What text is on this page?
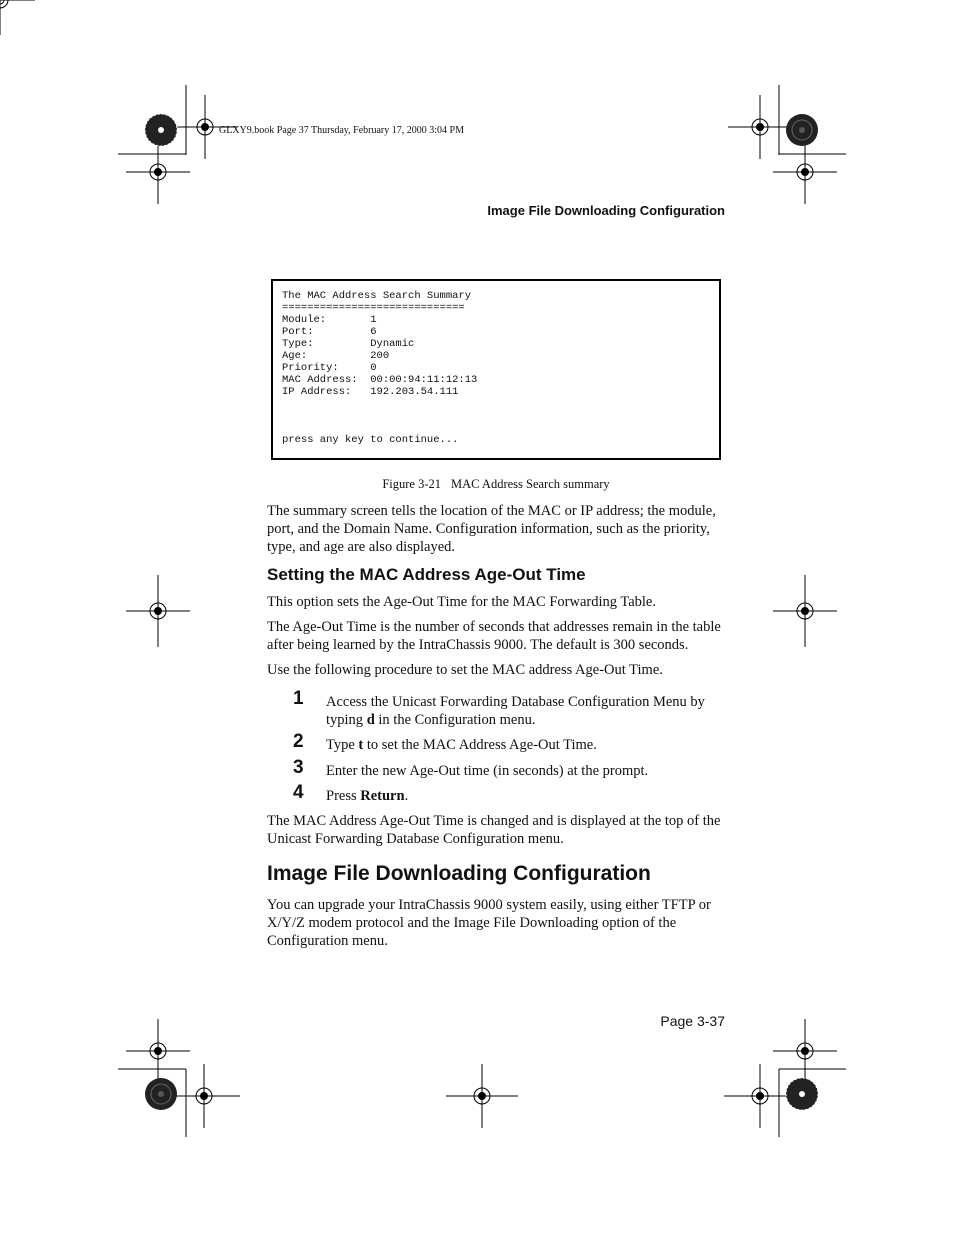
GLXY9.book Page 37 Thursday, February 17, 2000 3:04 PM
Image File Downloading Configuration
The MAC Address Search Summary
=============================
Module:       1
Port:         6
Type:         Dynamic
Age:          200
Priority:     0
MAC Address:  00:00:94:11:12:13
IP Address:   192.203.54.111

press any key to continue...
Figure 3-21 MAC Address Search summary
The summary screen tells the location of the MAC or IP address; the module, port, and the Domain Name. Configuration information, such as the priority, type, and age are also displayed.
Setting the MAC Address Age-Out Time
This option sets the Age-Out Time for the MAC Forwarding Table.
The Age-Out Time is the number of seconds that addresses remain in the table after being learned by the IntraChassis 9000. The default is 300 seconds.
Use the following procedure to set the MAC address Age-Out Time.
1 Access the Unicast Forwarding Database Configuration Menu by typing d in the Configuration menu.
2 Type t to set the MAC Address Age-Out Time.
3 Enter the new Age-Out time (in seconds) at the prompt.
4 Press Return.
The MAC Address Age-Out Time is changed and is displayed at the top of the Unicast Forwarding Database Configuration menu.
Image File Downloading Configuration
You can upgrade your IntraChassis 9000 system easily, using either TFTP or X/Y/Z modem protocol and the Image File Downloading option of the Configuration menu.
Page 3-37
